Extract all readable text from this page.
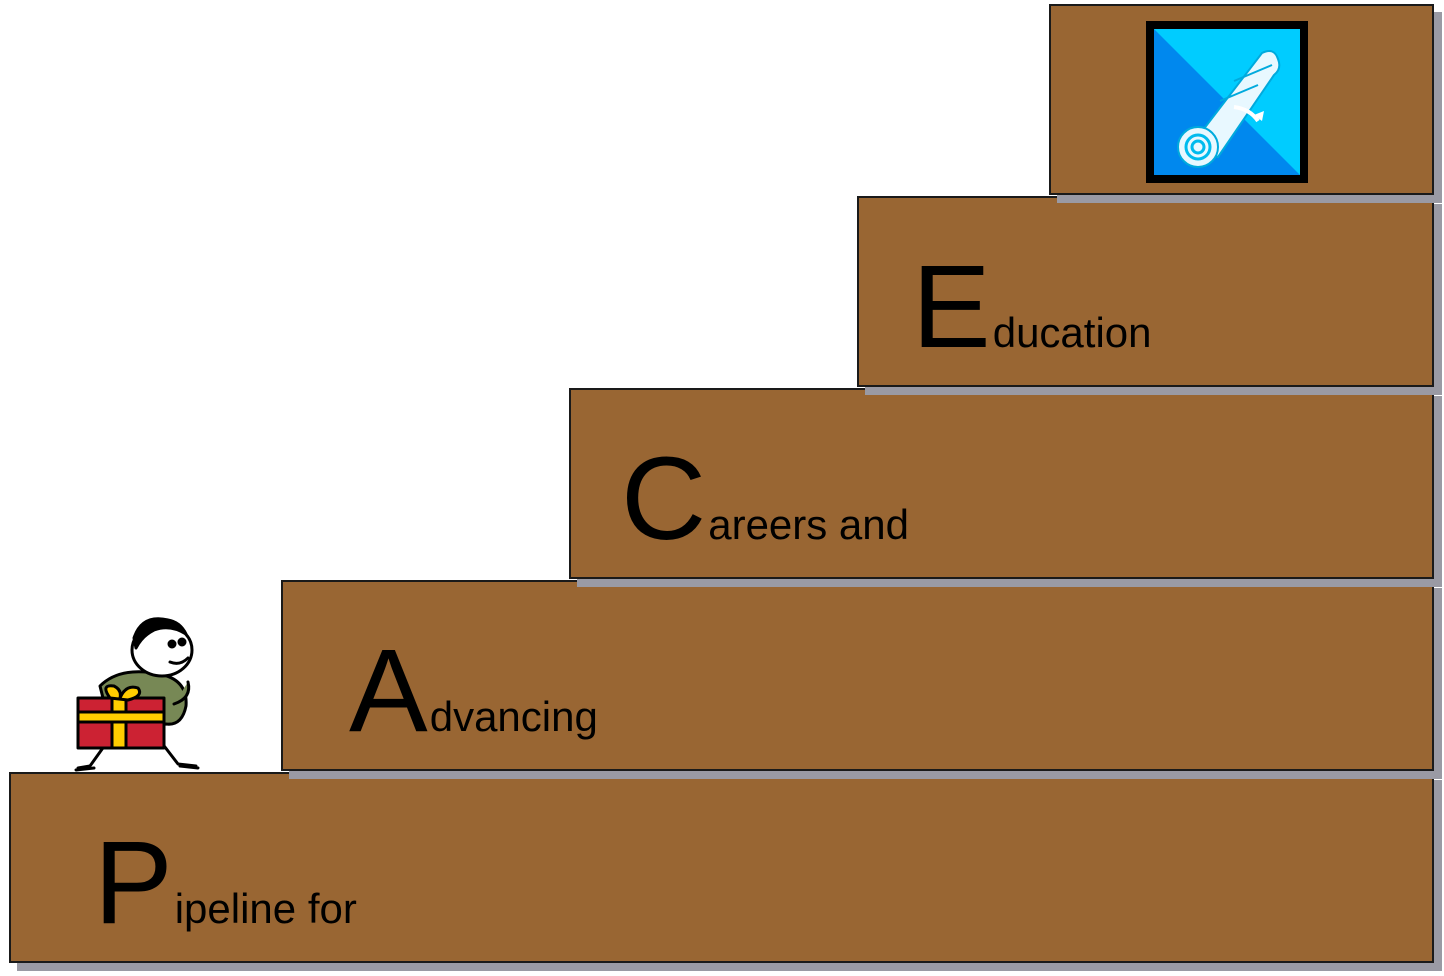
Pipeline for
Advancing
Careers and
Education
